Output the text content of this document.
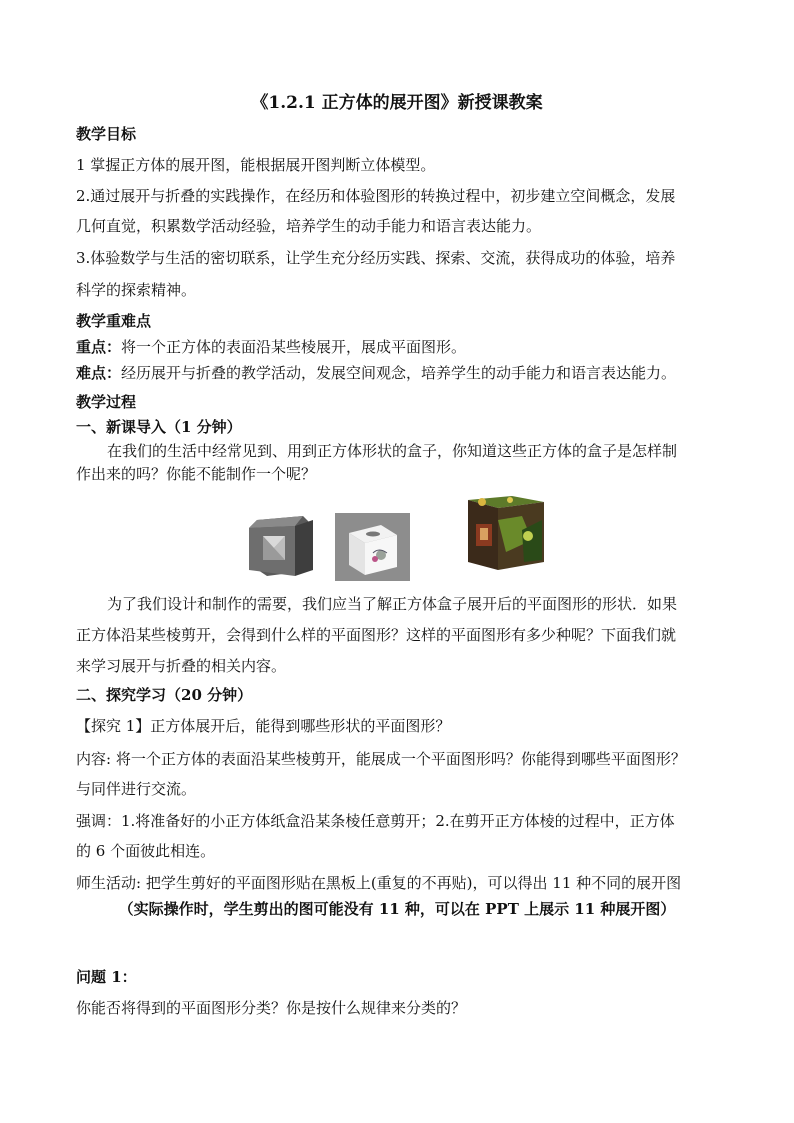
《1.2.1 正方体的展开图》新授课教案
教学目标
1 掌握正方体的展开图，能根据展开图判断立体模型。
2.通过展开与折叠的实践操作，在经历和体验图形的转换过程中，初步建立空间概念，发展
几何直觉，积累数学活动经验，培养学生的动手能力和语言表达能力。
3.体验数学与生活的密切联系，让学生充分经历实践、探索、交流，获得成功的体验，培养
科学的探索精神。
教学重难点
重点：将一个正方体的表面沿某些棱展开，展成平面图形。
难点：经历展开与折叠的教学活动，发展空间观念，培养学生的动手能力和语言表达能力。
教学过程
一、新课导入（1 分钟）
在我们的生活中经常见到、用到正方体形状的盒子，你知道这些正方体的盒子是怎样制
作出来的吗？你能不能制作一个呢？
为了我们设计和制作的需要，我们应当了解正方体盒子展开后的平面图形的形状．如果
正方体沿某些棱剪开，会得到什么样的平面图形？这样的平面图形有多少种呢？下面我们就
来学习展开与折叠的相关内容。
二、探究学习（20 分钟）
【探究 1】正方体展开后，能得到哪些形状的平面图形？
内容: 将一个正方体的表面沿某些棱剪开，能展成一个平面图形吗？你能得到哪些平面图形？
与同伴进行交流。
强调：1.将准备好的小正方体纸盒沿某条棱任意剪开；2.在剪开正方体棱的过程中，正方体
的 6 个面彼此相连。
师生活动: 把学生剪好的平面图形贴在黑板上(重复的不再贴)，可以得出 11 种不同的展开图
（实际操作时，学生剪出的图可能没有 11 种，可以在 PPT 上展示 11 种展开图）
问题 1：
你能否将得到的平面图形分类？你是按什么规律来分类的？
